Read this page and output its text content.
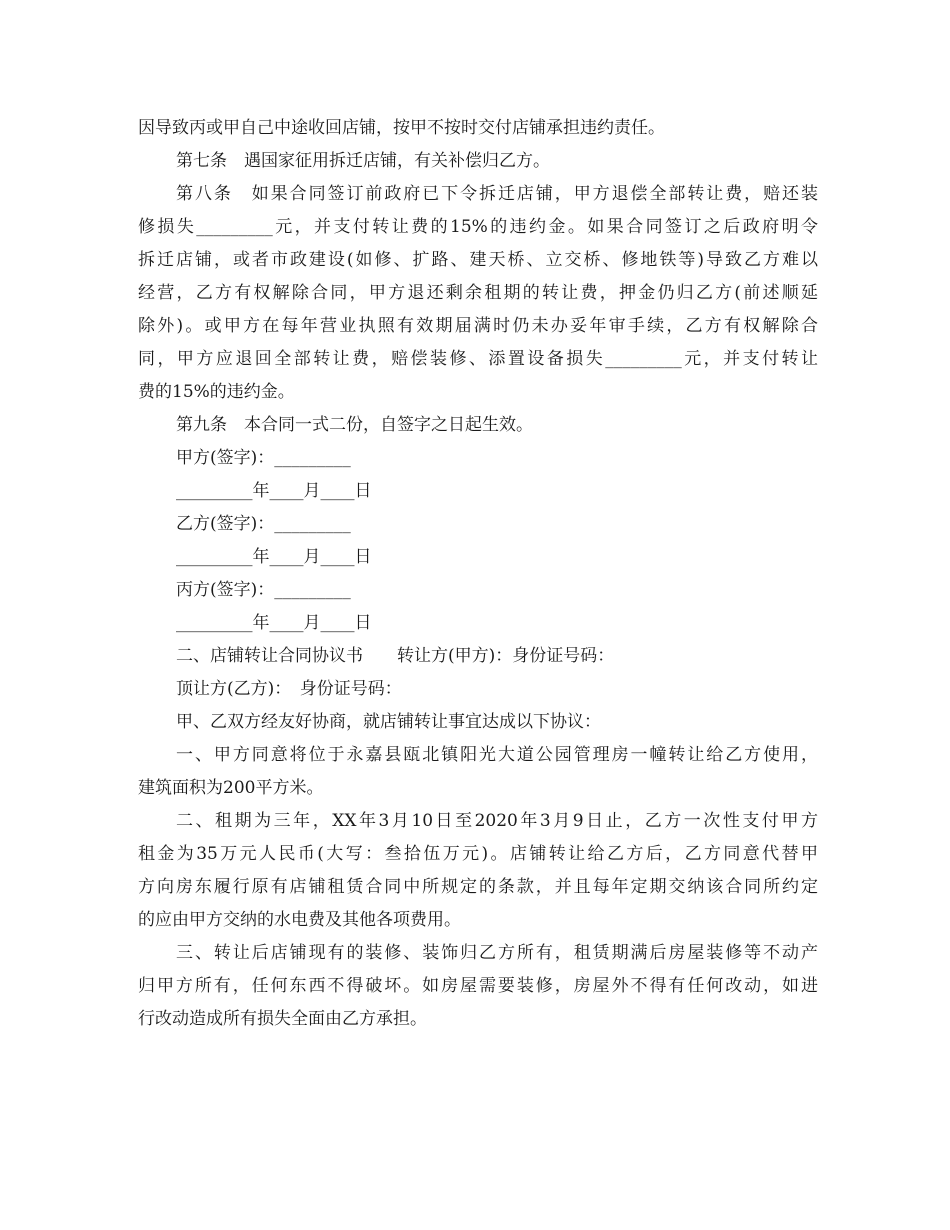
因导致丙或甲自己中途收回店铺，按甲不按时交付店铺承担违约责任。
第七条　遇国家征用拆迁店铺，有关补偿归乙方。
第八条　如果合同签订前政府已下令拆迁店铺，甲方退偿全部转让费，赔还装
修损失_________元，并支付转让费的15%的违约金。如果合同签订之后政府明令
拆迁店铺，或者市政建设(如修、扩路、建天桥、立交桥、修地铁等)导致乙方难以
经营，乙方有权解除合同，甲方退还剩余租期的转让费，押金仍归乙方(前述顺延
除外)。或甲方在每年营业执照有效期届满时仍未办妥年审手续，乙方有权解除合
同，甲方应退回全部转让费，赔偿装修、添置设备损失_________元，并支付转让
费的15%的违约金。
第九条　本合同一式二份，自签字之日起生效。
甲方(签字)：_________
_________年____月____日
乙方(签字)：_________
_________年____月____日
丙方(签字)：_________
_________年____月____日
二、店铺转让合同协议书　　转让方(甲方)：身份证号码：
顶让方(乙方)：　身份证号码：
甲、乙双方经友好协商，就店铺转让事宜达成以下协议：
一、甲方同意将位于永嘉县瓯北镇阳光大道公园管理房一幢转让给乙方使用，
建筑面积为200平方米。
二、租期为三年，XX年3月10日至2020年3月9日止，乙方一次性支付甲方
租金为35万元人民币(大写：叁拾伍万元)。店铺转让给乙方后，乙方同意代替甲
方向房东履行原有店铺租赁合同中所规定的条款，并且每年定期交纳该合同所约定
的应由甲方交纳的水电费及其他各项费用。
三、转让后店铺现有的装修、装饰归乙方所有，租赁期满后房屋装修等不动产
归甲方所有，任何东西不得破坏。如房屋需要装修，房屋外不得有任何改动，如进
行改动造成所有损失全面由乙方承担。
